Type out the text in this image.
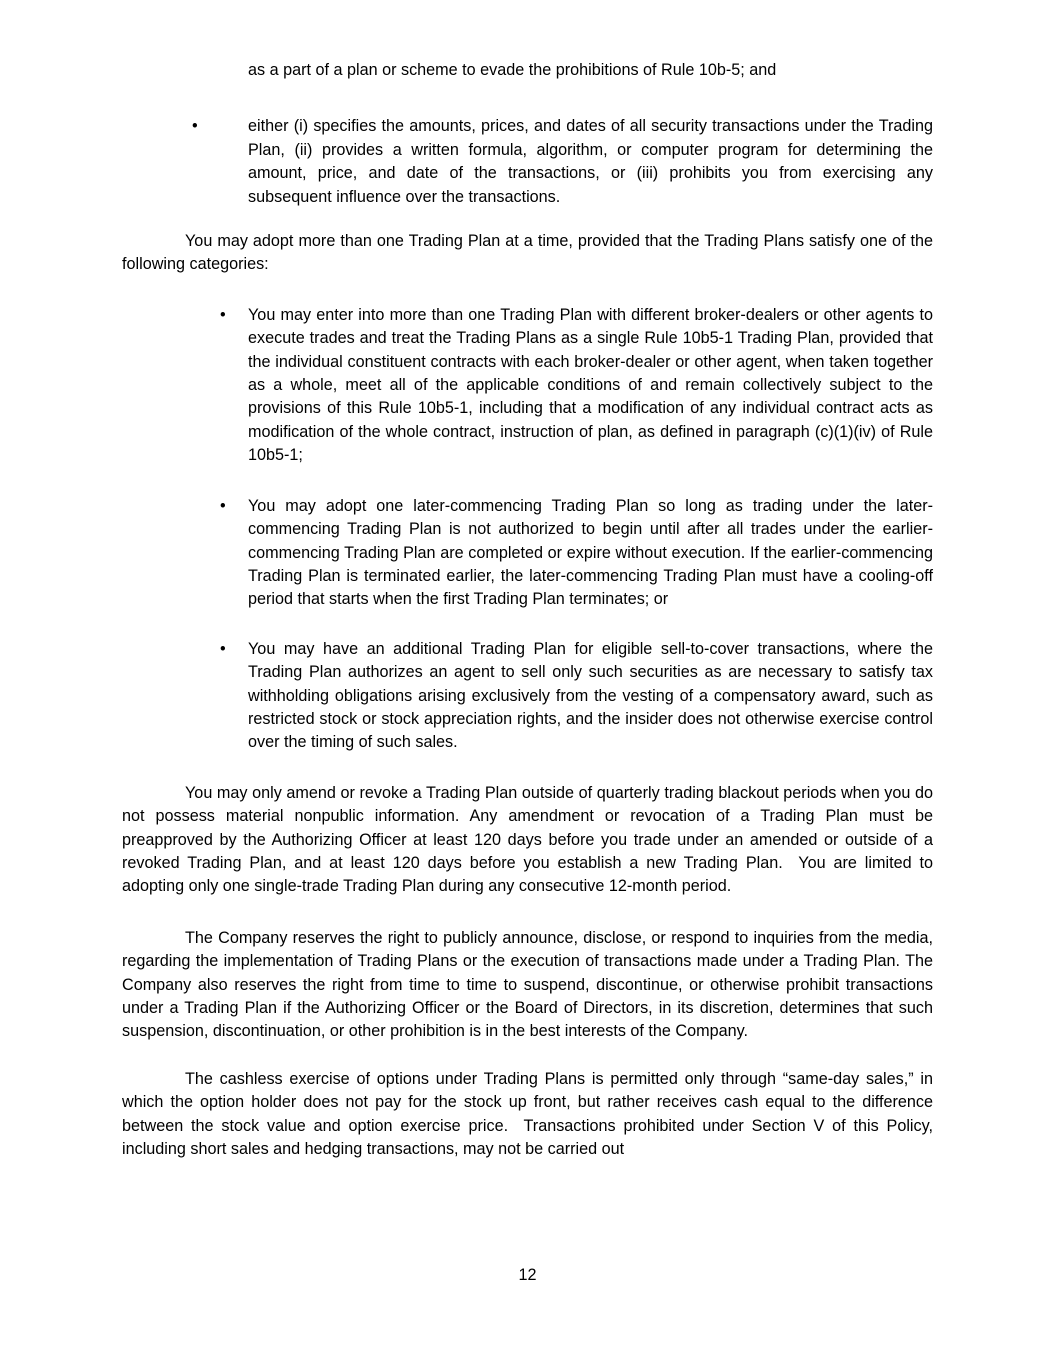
as a part of a plan or scheme to evade the prohibitions of Rule 10b-5; and
•	either (i) specifies the amounts, prices, and dates of all security transactions under the Trading Plan, (ii) provides a written formula, algorithm, or computer program for determining the amount, price, and date of the transactions, or (iii) prohibits you from exercising any subsequent influence over the transactions.
You may adopt more than one Trading Plan at a time, provided that the Trading Plans satisfy one of the following categories:
• You may enter into more than one Trading Plan with different broker-dealers or other agents to execute trades and treat the Trading Plans as a single Rule 10b5-1 Trading Plan, provided that the individual constituent contracts with each broker-dealer or other agent, when taken together as a whole, meet all of the applicable conditions of and remain collectively subject to the provisions of this Rule 10b5-1, including that a modification of any individual contract acts as modification of the whole contract, instruction of plan, as defined in paragraph (c)(1)(iv) of Rule 10b5-1;
• You may adopt one later-commencing Trading Plan so long as trading under the later-commencing Trading Plan is not authorized to begin until after all trades under the earlier-commencing Trading Plan are completed or expire without execution. If the earlier-commencing Trading Plan is terminated earlier, the later-commencing Trading Plan must have a cooling-off period that starts when the first Trading Plan terminates; or
• You may have an additional Trading Plan for eligible sell-to-cover transactions, where the Trading Plan authorizes an agent to sell only such securities as are necessary to satisfy tax withholding obligations arising exclusively from the vesting of a compensatory award, such as restricted stock or stock appreciation rights, and the insider does not otherwise exercise control over the timing of such sales.
You may only amend or revoke a Trading Plan outside of quarterly trading blackout periods when you do not possess material nonpublic information. Any amendment or revocation of a Trading Plan must be preapproved by the Authorizing Officer at least 120 days before you trade under an amended or outside of a revoked Trading Plan, and at least 120 days before you establish a new Trading Plan.  You are limited to adopting only one single-trade Trading Plan during any consecutive 12-month period.
The Company reserves the right to publicly announce, disclose, or respond to inquiries from the media, regarding the implementation of Trading Plans or the execution of transactions made under a Trading Plan. The Company also reserves the right from time to time to suspend, discontinue, or otherwise prohibit transactions under a Trading Plan if the Authorizing Officer or the Board of Directors, in its discretion, determines that such suspension, discontinuation, or other prohibition is in the best interests of the Company.
The cashless exercise of options under Trading Plans is permitted only through “same-day sales,” in which the option holder does not pay for the stock up front, but rather receives cash equal to the difference between the stock value and option exercise price.  Transactions prohibited under Section V of this Policy, including short sales and hedging transactions, may not be carried out
12
